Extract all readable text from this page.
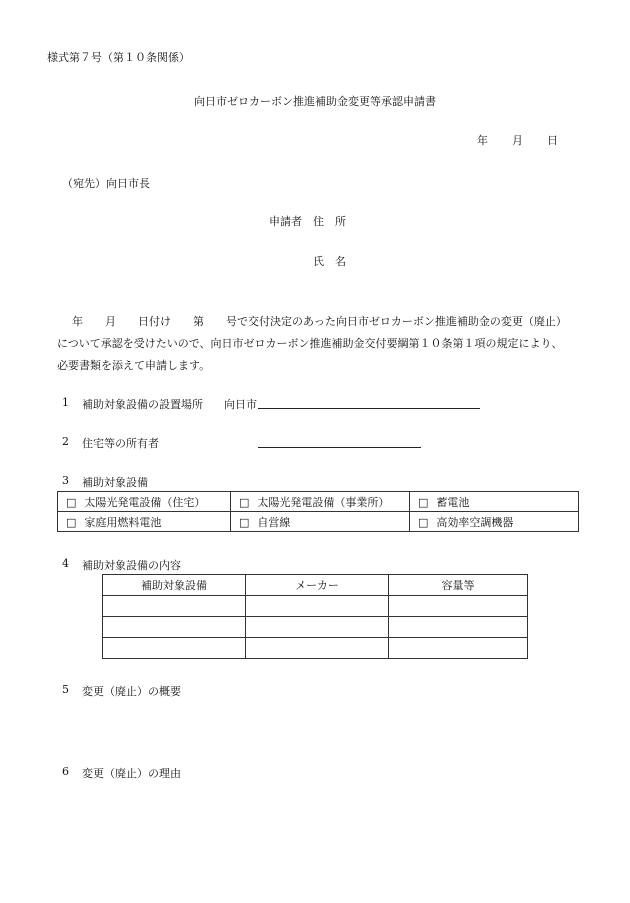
様式第７号（第１０条関係）
向日市ゼロカーボン推進補助金変更等承認申請書
年 月 日
（宛先）向日市長
申請者 住　所
氏　名
年　　月　　日付け　　第　　号で交付決定のあった向日市ゼロカーボン推進補助金の変更（廃止）
について承認を受けたいので、向日市ゼロカーボン推進補助金交付要綱第１０条第１項の規定により、
必要書類を添えて申請します。
1 補助対象設備の設置場所 向日市
2 住宅等の所有者
3 補助対象設備
□ 太陽光発電設備（住宅）	□ 太陽光発電設備（事業所）	□ 蓄電池
□ 家庭用燃料電池	□ 自営線	□ 高効率空調機器
4 補助対象設備の内容
補助対象設備	メーカー	容量等

5 変更（廃止）の概要
6 変更（廃止）の理由
